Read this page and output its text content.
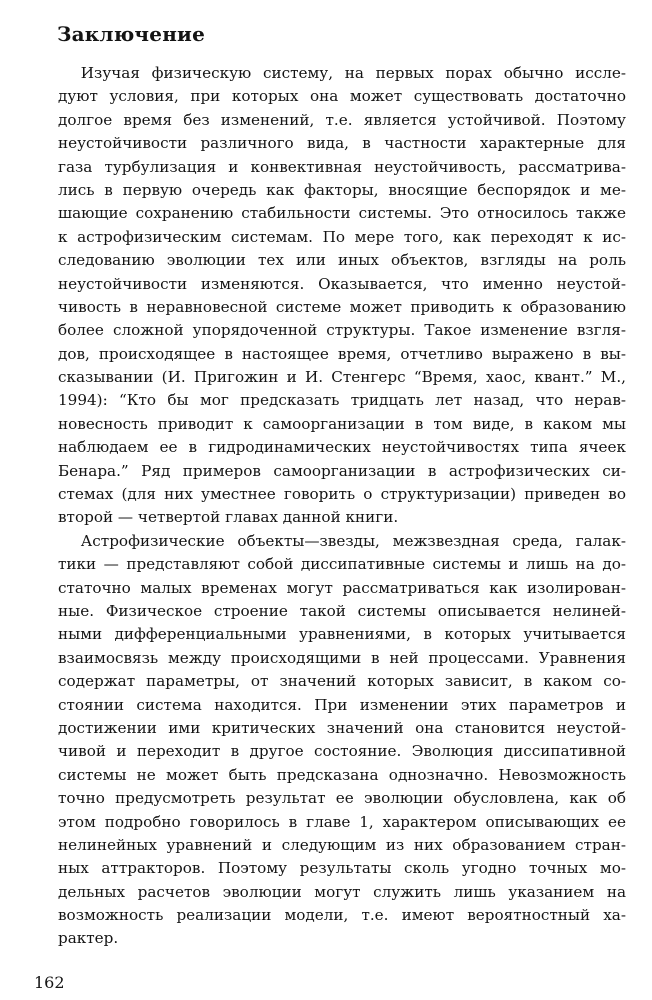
Заключение
Изучая физическую систему, на первых порах обычно иссле-
дуют условия, при которых она может существовать достаточно
долгое время без изменений, т.е. является устойчивой. Поэтому
неустойчивости различного вида, в частности характерные для
газа турбулизация и конвективная неустойчивость, рассматрива-
лись в первую очередь как факторы, вносящие беспорядок и ме-
шающие сохранению стабильности системы. Это относилось также
к астрофизическим системам. По мере того, как переходят к ис-
следованию эволюции тех или иных объектов, взгляды на роль
неустойчивости изменяются. Оказывается, что именно неустой-
чивость в неравновесной системе может приводить к образованию
более сложной упорядоченной структуры. Такое изменение взгля-
дов, происходящее в настоящее время, отчетливо выражено в вы-
сказывании (И. Пригожин и И. Стенгерс “Время, хаос, квант.” М.,
1994): “Кто бы мог предсказать тридцать лет назад, что нерав-
новесность приводит к самоорганизации в том виде, в каком мы
наблюдаем ее в гидродинамических неустойчивостях типа ячеек
Бенара.” Ряд примеров самоорганизации в астрофизических си-
стемах (для них уместнее говорить о структуризации) приведен во
второй — четвертой главах данной книги.
Астрофизические объекты—звезды, межзвездная среда, галак-
тики — представляют собой диссипативные системы и лишь на до-
статочно малых временах могут рассматриваться как изолирован-
ные. Физическое строение такой системы описывается нелиней-
ными дифференциальными уравнениями, в которых учитывается
взаимосвязь между происходящими в ней процессами. Уравнения
содержат параметры, от значений которых зависит, в каком со-
стоянии система находится. При изменении этих параметров и
достижении ими критических значений она становится неустой-
чивой и переходит в другое состояние. Эволюция диссипативной
системы не может быть предсказана однозначно. Невозможность
точно предусмотреть результат ее эволюции обусловлена, как об
этом подробно говорилось в главе 1, характером описывающих ее
нелинейных уравнений и следующим из них образованием стран-
ных аттракторов. Поэтому результаты сколь угодно точных мо-
дельных расчетов эволюции могут служить лишь указанием на
возможность реализации модели, т.е. имеют вероятностный ха-
рактер.
162
